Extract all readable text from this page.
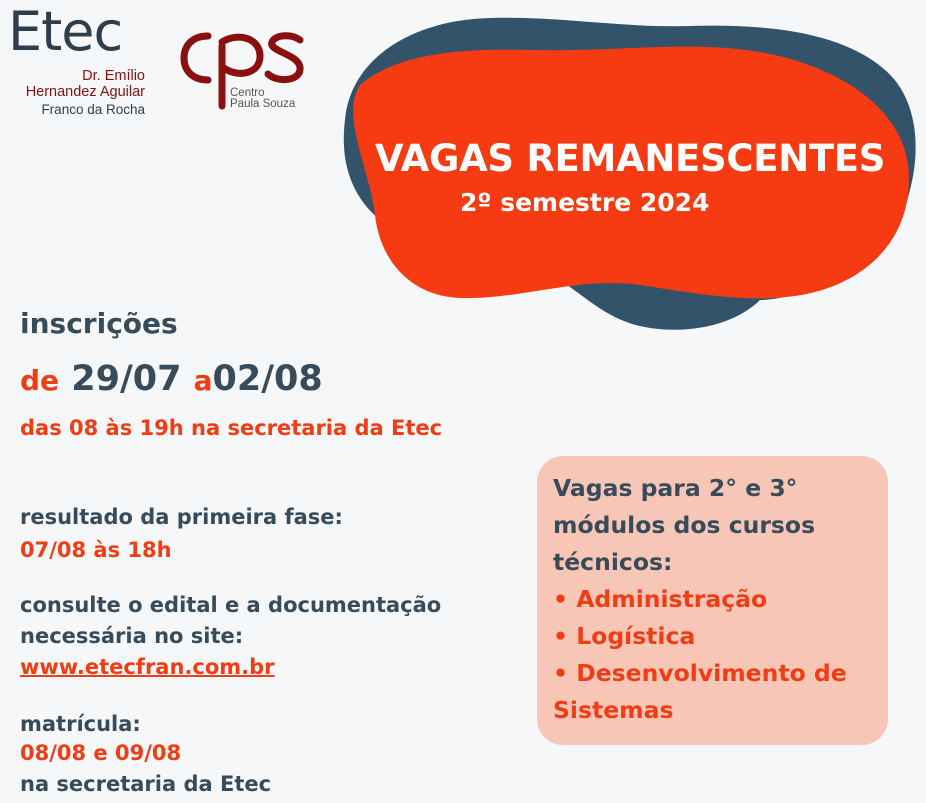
Etec
Dr. Emílio
Hernandez Aguilar
Franco da Rocha
Centro
Paula Souza
VAGAS REMANESCENTES
2º semestre 2024
inscrições
de 29/07 a02/08
das 08 às 19h na secretaria da Etec
resultado da primeira fase:
07/08 às 18h
consulte o edital e a documentação
necessária no site:
www.etecfran.com.br
matrícula:
08/08 e 09/08
na secretaria da Etec
Vagas para 2° e 3°
módulos dos cursos
técnicos:
• Administração
• Logística
• Desenvolvimento de
Sistemas
